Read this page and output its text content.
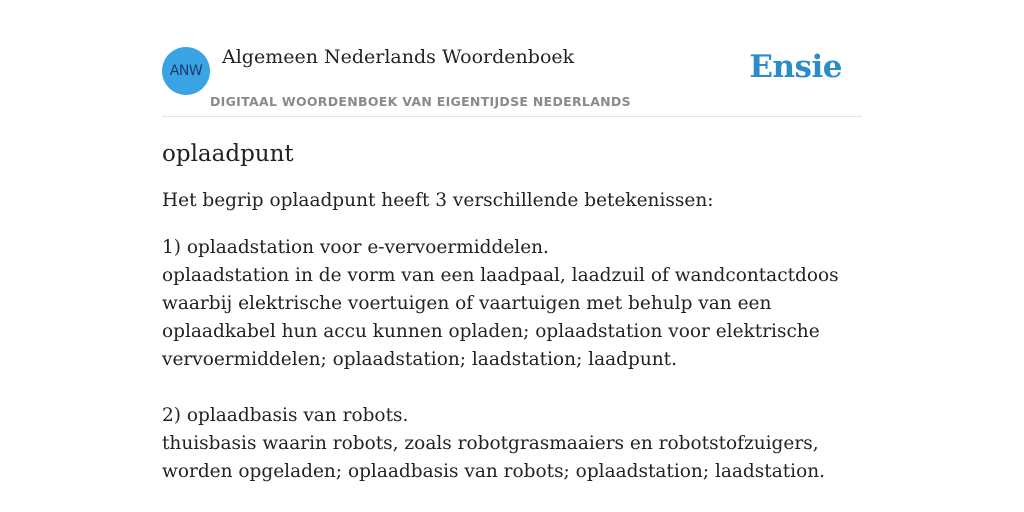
ANW
Algemeen Nederlands Woordenboek
DIGITAAL WOORDENBOEK VAN EIGENTIJDSE NEDERLANDS
Ensie
oplaadpunt

Het begrip oplaadpunt heeft 3 verschillende betekenissen:

1) oplaadstation voor e-vervoermiddelen.
oplaadstation in de vorm van een laadpaal, laadzuil of wandcontactdoos waarbij elektrische voertuigen of vaartuigen met behulp van een oplaadkabel hun accu kunnen opladen; oplaadstation voor elektrische vervoermiddelen; oplaadstation; laadstation; laadpunt.
2) oplaadbasis van robots.
thuisbasis waarin robots, zoals robotgrasmaaiers en robotstofzuigers, worden opgeladen; oplaadbasis van robots; oplaadstation; laadstation.
